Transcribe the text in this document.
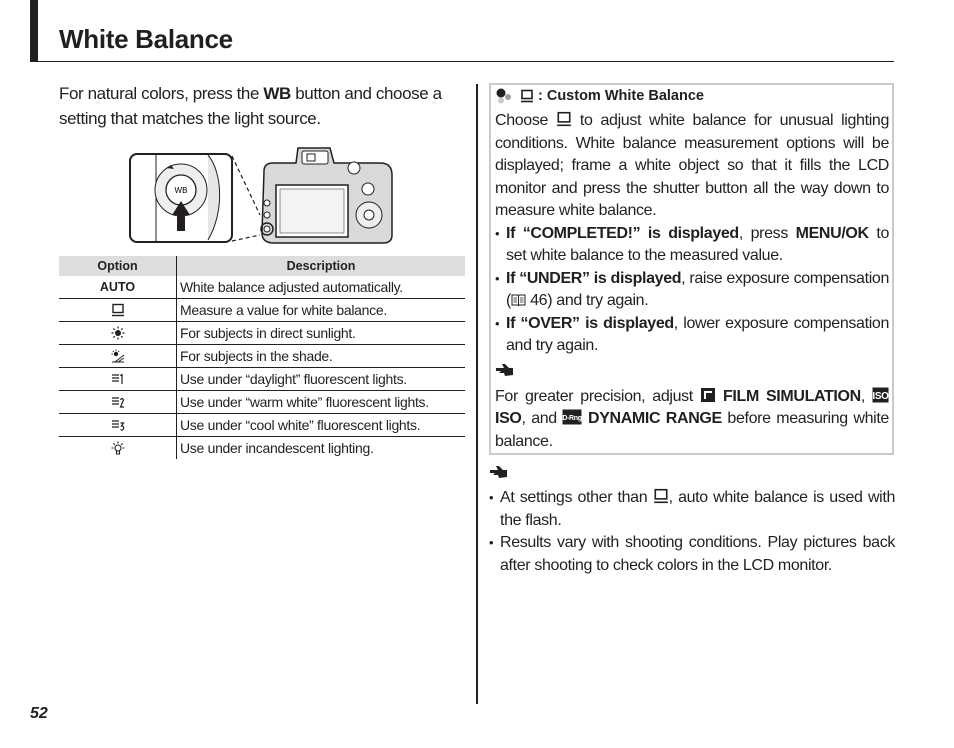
White Balance
For natural colors, press the WB button and choose a setting that matches the light source.
WB
Option	Description
AUTO	White balance adjusted automatically.
	Measure a value for white balance.
	For subjects in direct sunlight.
	For subjects in the shade.
	Use under “daylight” fluorescent lights.
	Use under “warm white” fluorescent lights.
	Use under “cool white” fluorescent lights.
	Use under incandescent lighting.
: Custom White Balance
Choose  to adjust white balance for unusual lighting conditions. White balance measurement options will be displayed; frame a white object so that it fills the LCD monitor and press the shutter button all the way down to measure white balance.
• If “COMPLETED!” is displayed, press MENU/OK to set white balance to the measured value.
• If “UNDER” is displayed, raise exposure compensation ( 46) and try again.
• If “OVER” is displayed, lower exposure compensation and try again.
For greater precision, adjust  FILM SIMULATION, ISO
ISO, and D-Rng DYNAMIC RANGE before measuring white balance.
• At settings other than , auto white balance is used with the flash.
• Results vary with shooting conditions. Play pictures back after shooting to check colors in the LCD monitor.
52
